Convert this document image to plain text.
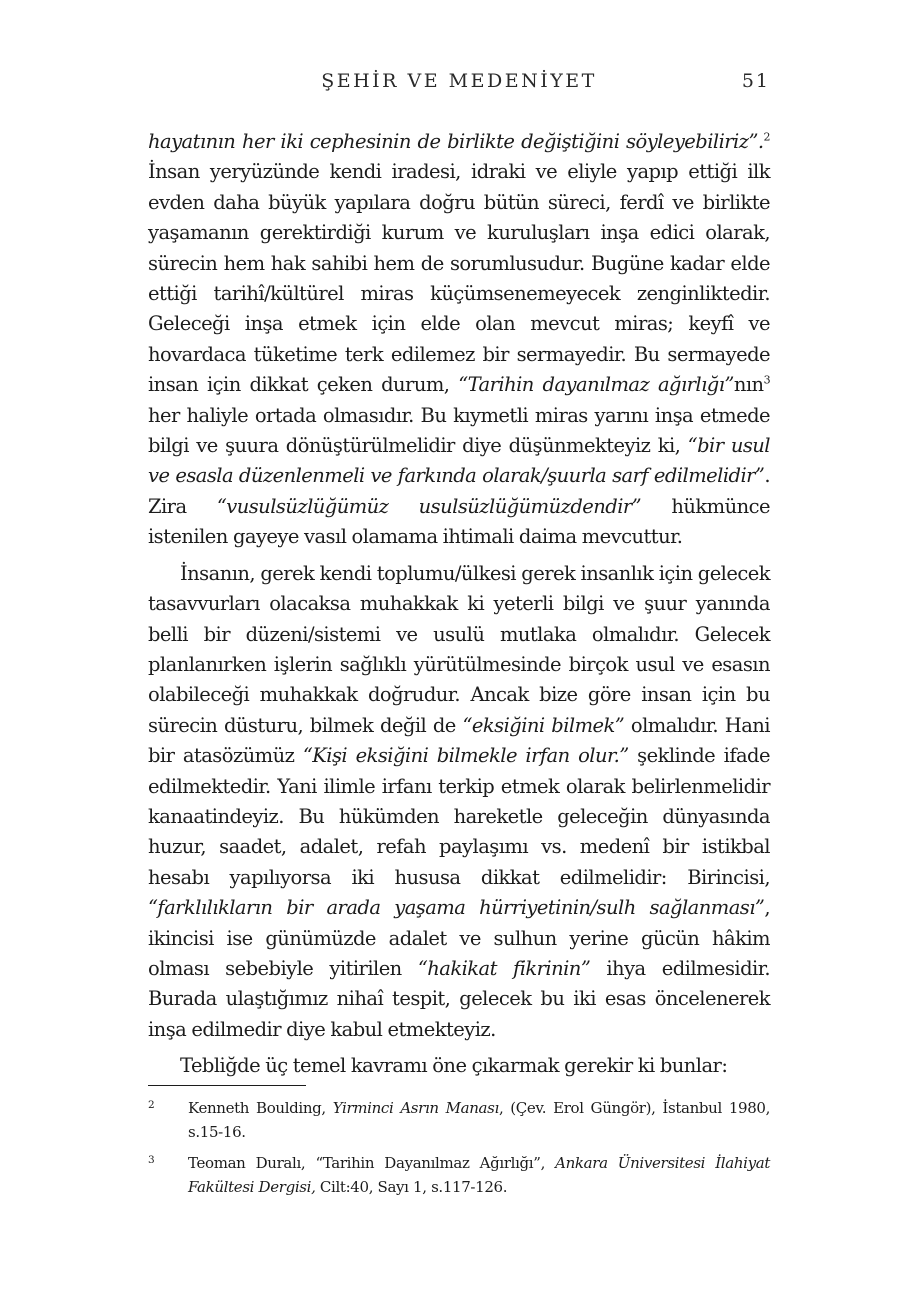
ŞEHİR VE MEDENİYET	51

hayatının her iki cephesinin de birlikte değiştiğini söyleyebiliriz”.$^2$ İnsan yeryüzünde kendi iradesi, idraki ve eliyle yapıp ettiği ilk evden daha büyük yapılara doğru bütün süreci, ferdî ve birlikte yaşamanın gerektirdiği kurum ve kuruluşları inşa edici olarak, sürecin hem hak sahibi hem de sorumlusudur. Bugüne kadar elde ettiği tarihî/kültürel miras küçümsenemeyecek zenginliktedir. Geleceği inşa etmek için elde olan mevcut miras; keyfî ve hovardaca tüketime terk edilemez bir sermayedir. Bu sermayede insan için dikkat çeken durum, “Tarihin dayanılmaz ağırlığı”nın$^3$ her haliyle ortada olmasıdır. Bu kıymetli miras yarını inşa etmede bilgi ve şuura dönüştürülmelidir diye düşünmekteyiz ki, “bir usul ve esasla düzenlenmeli ve farkında olarak/şuurla sarf edilmelidir”. Zira “vusulsüzlüğümüz usulsüzlüğümüzdendir” hükmünce istenilen gayeye vasıl olamama ihtimali daima mevcuttur.

İnsanın, gerek kendi toplumu/ülkesi gerek insanlık için gelecek tasavvurları olacaksa muhakkak ki yeterli bilgi ve şuur yanında belli bir düzeni/sistemi ve usulü mutlaka olmalıdır. Gelecek planlanırken işlerin sağlıklı yürütülmesinde birçok usul ve esasın olabileceği muhakkak doğrudur. Ancak bize göre insan için bu sürecin düsturu, bilmek değil de “eksiğini bilmek” olmalıdır. Hani bir atasözümüz “Kişi eksiğini bilmekle irfan olur.” şeklinde ifade edilmektedir. Yani ilimle irfanı terkip etmek olarak belirlenmelidir kanaatindeyiz. Bu hükümden hareketle geleceğin dünyasında huzur, saadet, adalet, refah paylaşımı vs. medenî bir istikbal hesabı yapılıyorsa iki hususa dikkat edilmelidir: Birincisi, “farklılıkların bir arada yaşama hürriyetinin/sulh sağlanması”, ikincisi ise günümüzde adalet ve sulhun yerine gücün hâkim olması sebebiyle yitirilen “hakikat fikrinin” ihya edilmesidir. Burada ulaştığımız nihaî tespit, gelecek bu iki esas öncelenerek inşa edilmedir diye kabul etmekteyiz.

Tebliğde üç temel kavramı öne çıkarmak gerekir ki bunlar:

2 Kenneth Boulding, Yirminci Asrın Manası, (Çev. Erol Güngör), İstanbul 1980, s.15-16.
3 Teoman Duralı, “Tarihin Dayanılmaz Ağırlığı”, Ankara Üniversitesi İlahiyat Fakültesi Dergisi, Cilt:40, Sayı 1, s.117-126.
